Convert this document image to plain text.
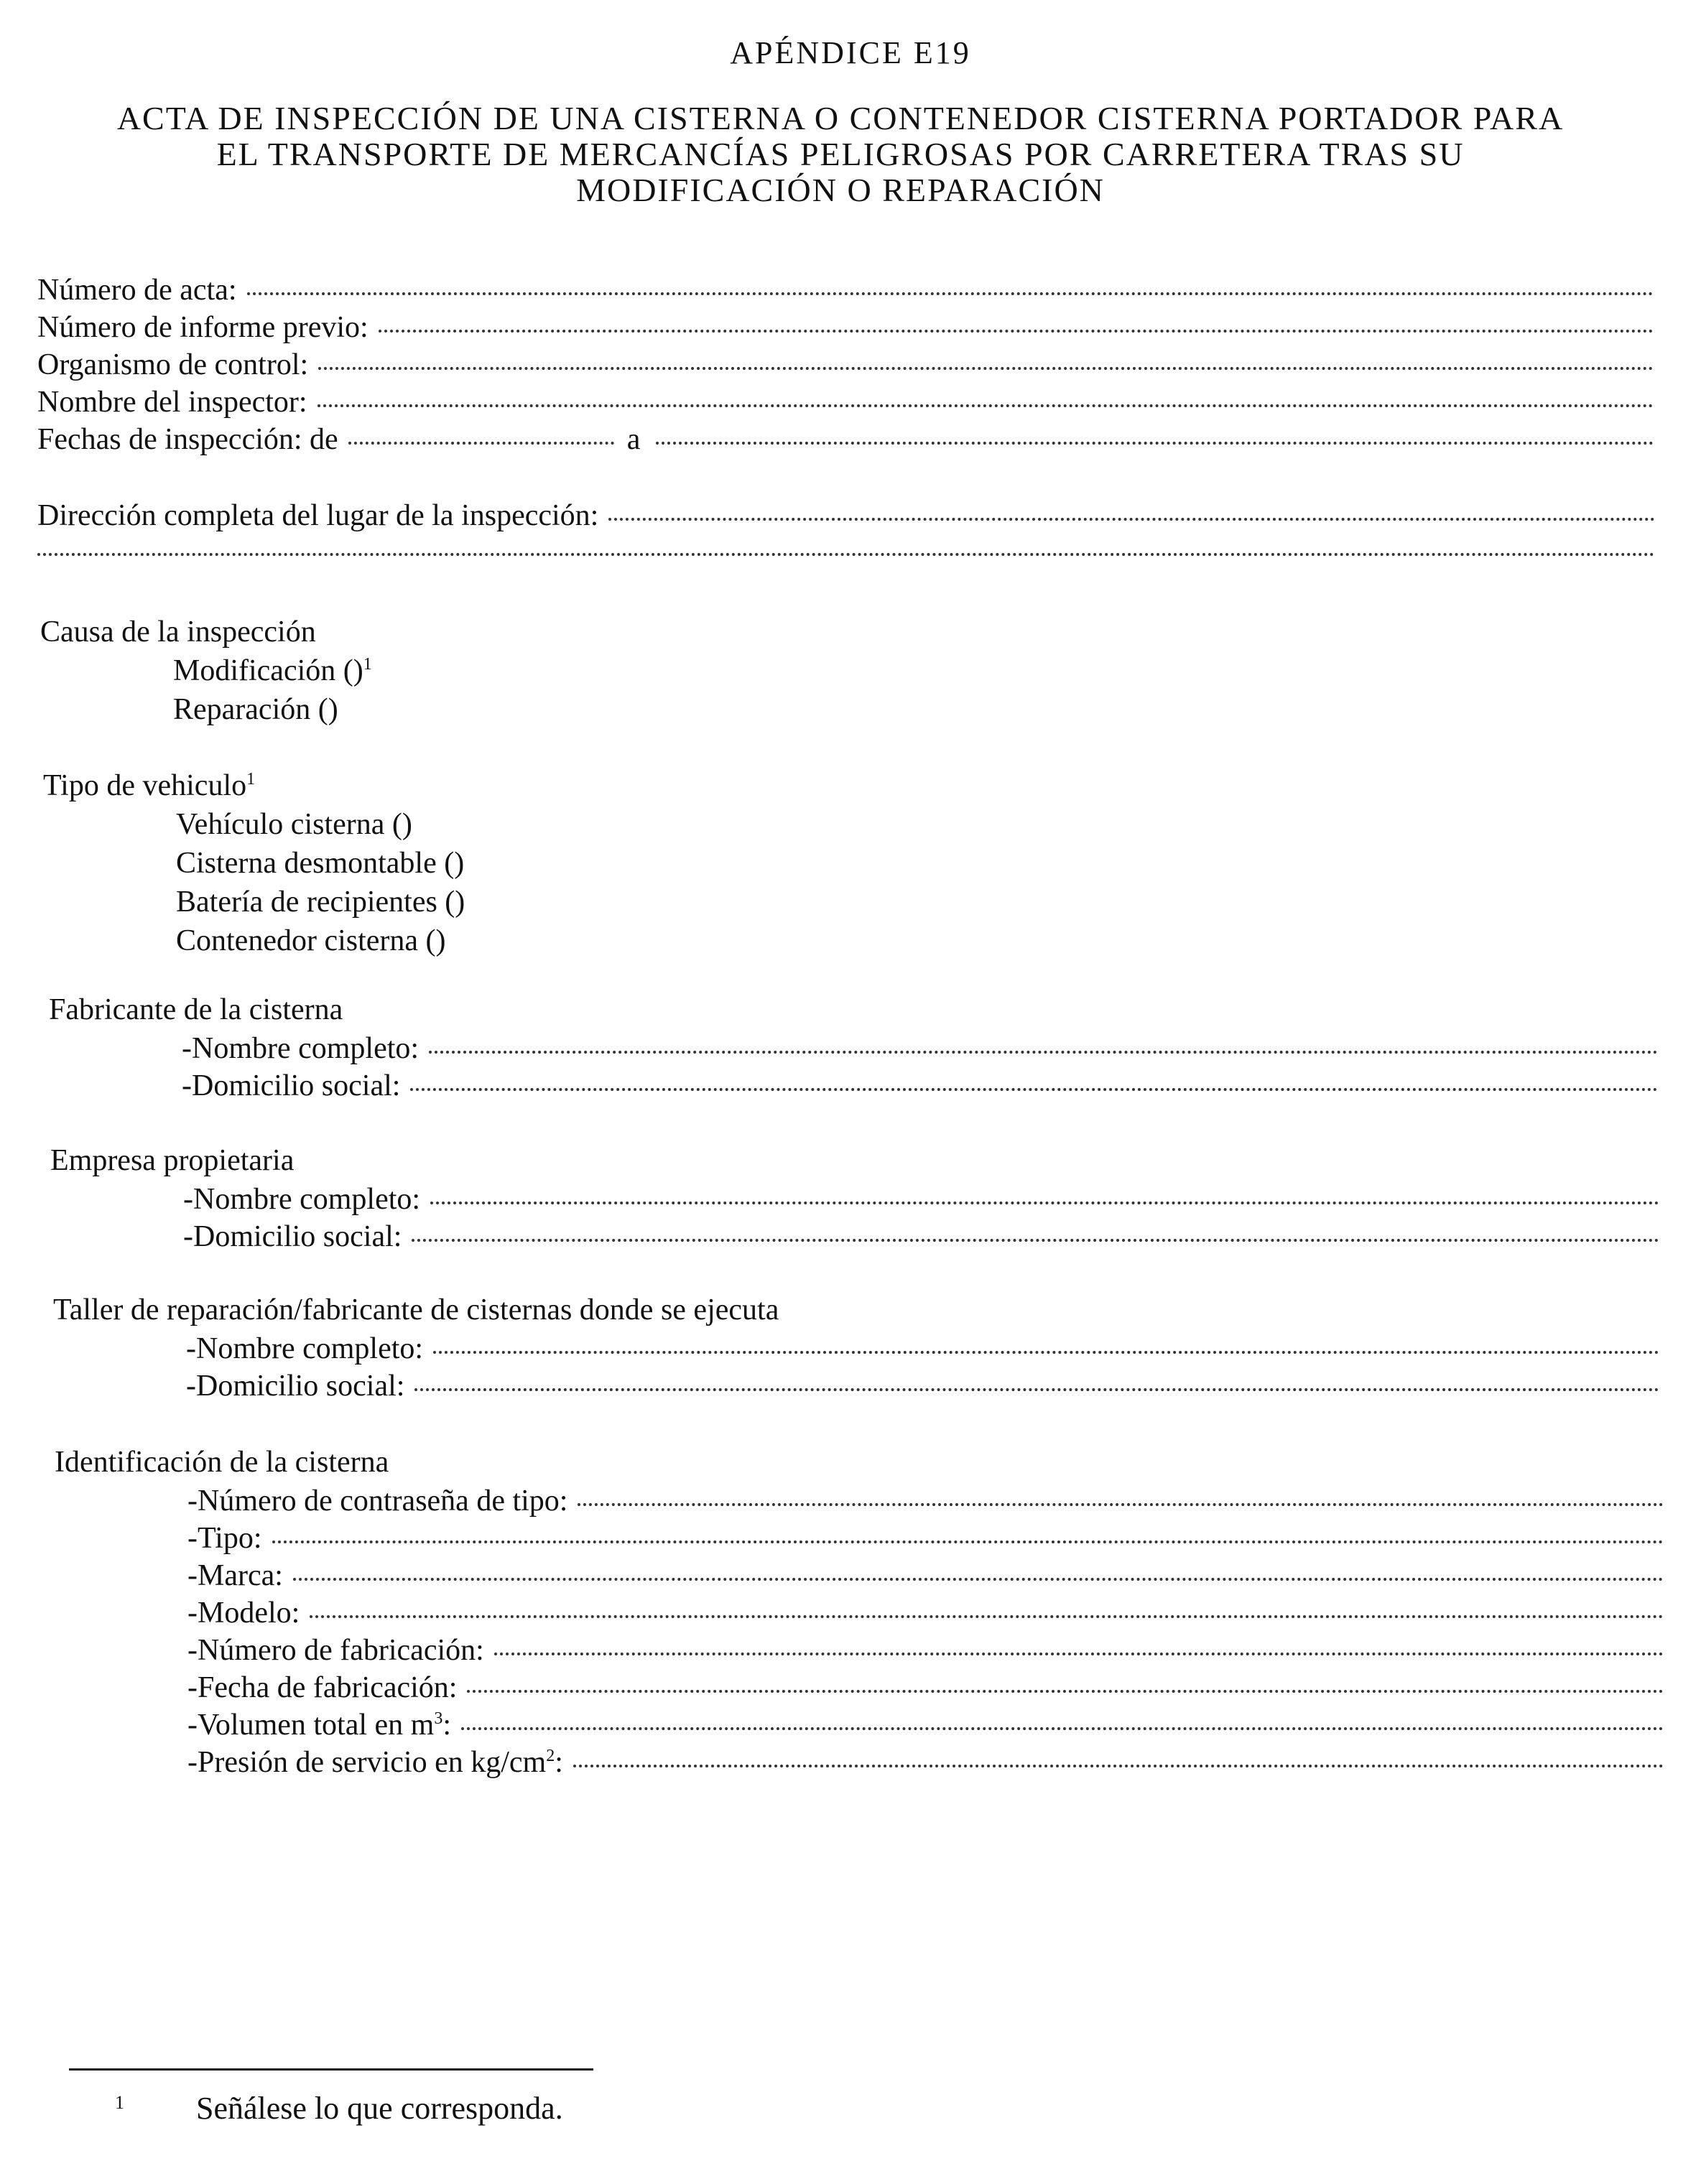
APÉNDICE E19
ACTA DE INSPECCIÓN DE UNA CISTERNA O CONTENEDOR CISTERNA PORTADOR PARA
EL TRANSPORTE DE MERCANCÍAS PELIGROSAS POR CARRETERA TRAS SU
MODIFICACIÓN O REPARACIÓN
Número de acta:
Número de informe previo:
Organismo de control:
Nombre del inspector:
Fechas de inspección: de	a
Dirección completa del lugar de la inspección:
Causa de la inspección
Modificación ()$^1$
Reparación ()
Tipo de vehiculo$^1$
Vehículo cisterna ()
Cisterna desmontable ()
Batería de recipientes ()
Contenedor cisterna ()
Fabricante de la cisterna
-Nombre completo:
-Domicilio social:
Empresa propietaria
-Nombre completo:
-Domicilio social:
Taller de reparación/fabricante de cisternas donde se ejecuta
-Nombre completo:
-Domicilio social:
Identificación de la cisterna
-Número de contraseña de tipo:
-Tipo:
-Marca:
-Modelo:
-Número de fabricación:
-Fecha de fabricación:
-Volumen total en $m^3$:
-Presión de servicio en $kg/cm^2$:
$^1$ Señálese lo que corresponda.
